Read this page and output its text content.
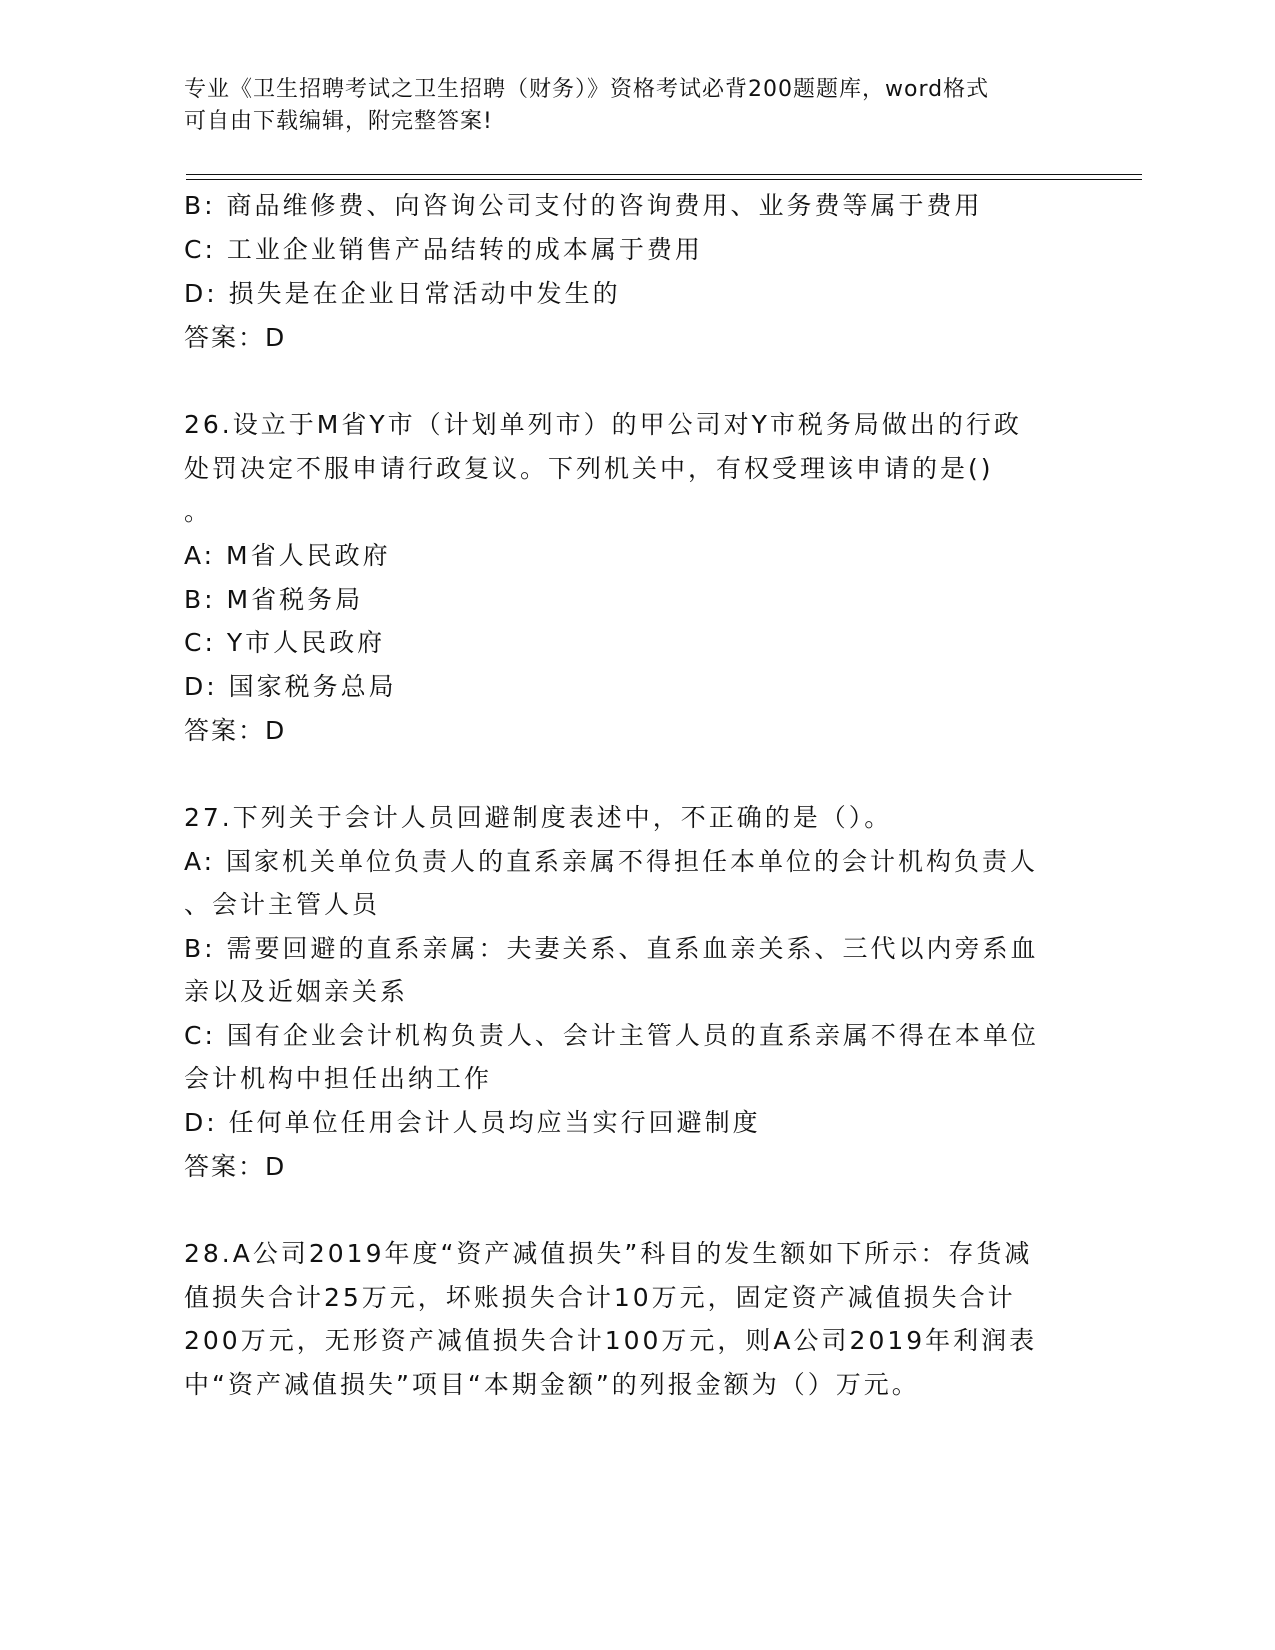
专业《卫生招聘考试之卫生招聘（财务）》资格考试必背200题题库，word格式
可自由下载编辑，附完整答案!
B: 商品维修费、向咨询公司支付的咨询费用、业务费等属于费用
C: 工业企业销售产品结转的成本属于费用
D: 损失是在企业日常活动中发生的
答案：D
26.设立于M省Y市（计划单列市）的甲公司对Y市税务局做出的行政
处罚决定不服申请行政复议。下列机关中，有权受理该申请的是()
。
A: M省人民政府
B: M省税务局
C: Y市人民政府
D: 国家税务总局
答案：D
27.下列关于会计人员回避制度表述中，不正确的是（）。
A: 国家机关单位负责人的直系亲属不得担任本单位的会计机构负责人
、会计主管人员
B: 需要回避的直系亲属：夫妻关系、直系血亲关系、三代以内旁系血
亲以及近姻亲关系
C: 国有企业会计机构负责人、会计主管人员的直系亲属不得在本单位
会计机构中担任出纳工作
D: 任何单位任用会计人员均应当实行回避制度
答案：D
28.A公司2019年度“资产减值损失”科目的发生额如下所示：存货减
值损失合计25万元，坏账损失合计10万元，固定资产减值损失合计
200万元，无形资产减值损失合计100万元，则A公司2019年利润表
中“资产减值损失”项目“本期金额”的列报金额为（）万元。
